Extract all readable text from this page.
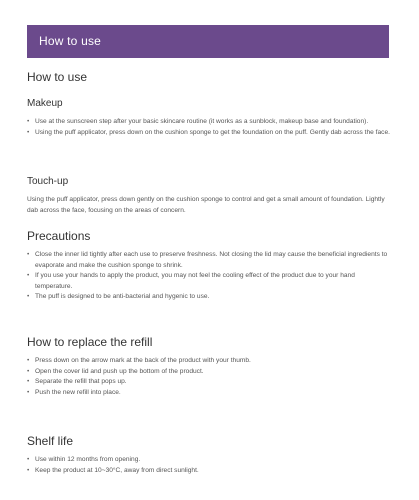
How to use
How to use
Makeup
• Use at the sunscreen step after your basic skincare routine (it works as a sunblock, makeup base and foundation).
• Using the puff applicator, press down on the cushion sponge to get the foundation on the puff. Gently dab across the face.
Touch-up

Using the puff applicator, press down gently on the cushion sponge to control and get a small amount of foundation. Lightly dab across the face, focusing on the areas of concern.

Precautions
• Close the inner lid tightly after each use to preserve freshness. Not closing the lid may cause the beneficial ingredients to evaporate and make the cushion sponge to shrink.
• If you use your hands to apply the product, you may not feel the cooling effect of the product due to your hand temperature.
• The puff is designed to be anti-bacterial and hygenic to use.
How to replace the refill
• Press down on the arrow mark at the back of the product with your thumb.
• Open the cover lid and push up the bottom of the product.
• Separate the refill that pops up.
• Push the new refill into place.
Shelf life
• Use within 12 months from opening.
• Keep the product at 10~30°C, away from direct sunlight.
